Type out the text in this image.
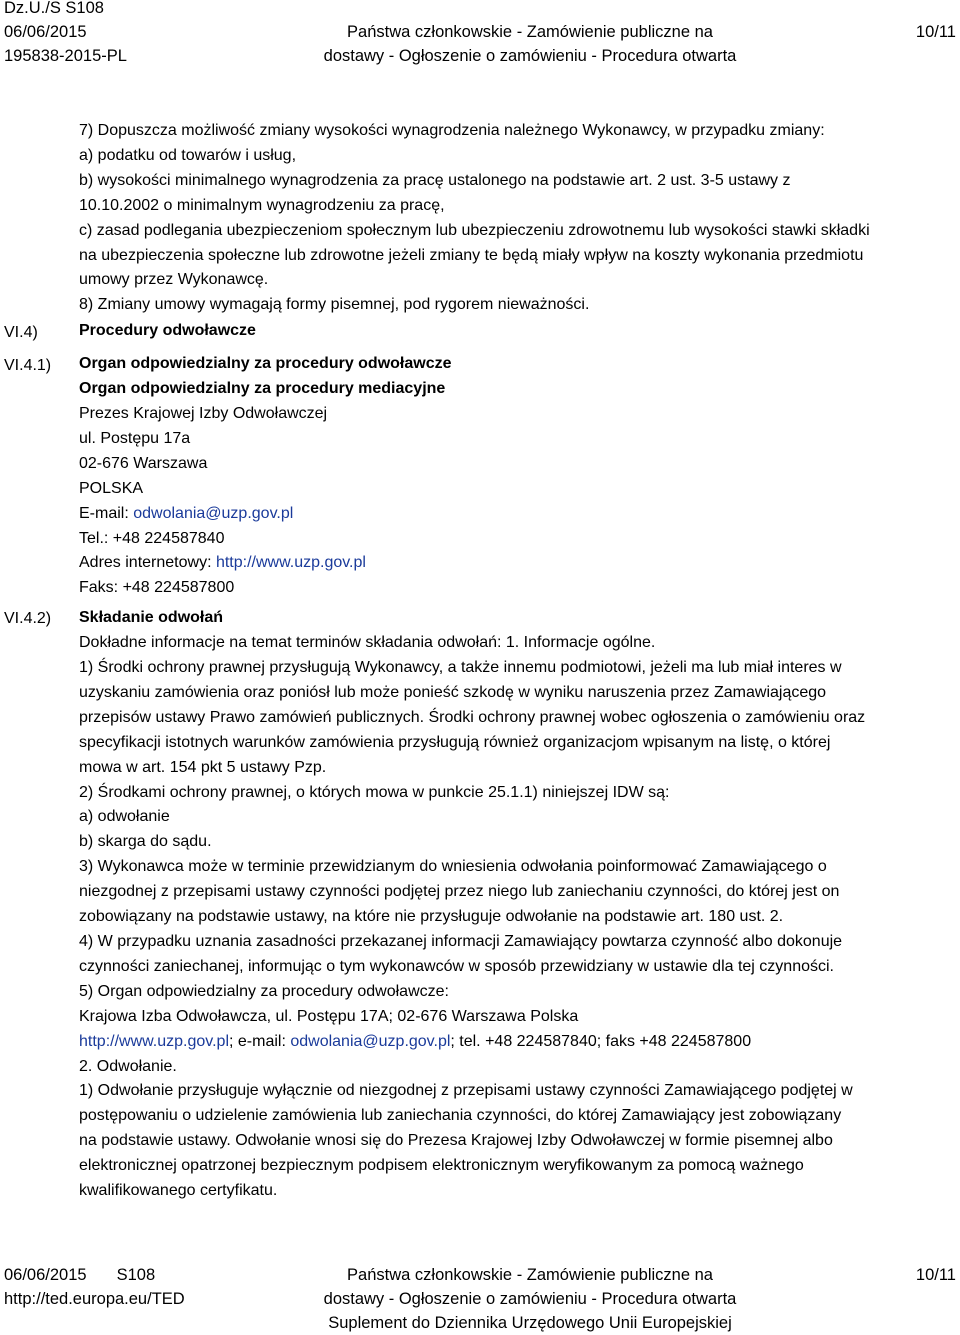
Dz.U./S S108
06/06/2015
195838-2015-PL
Państwa członkowskie - Zamówienie publiczne na
dostawy - Ogłoszenie o zamówieniu - Procedura otwarta
10/11
VI.4)
VI.4.1)
VI.4.2)

7) Dopuszcza możliwość zmiany wysokości wynagrodzenia należnego Wykonawcy, w przypadku zmiany:

a) podatku od towarów i usług,

b) wysokości minimalnego wynagrodzenia za pracę ustalonego na podstawie art. 2 ust. 3-5 ustawy z

10.10.2002 o minimalnym wynagrodzeniu za pracę,

c) zasad podlegania ubezpieczeniom społecznym lub ubezpieczeniu zdrowotnemu lub wysokości stawki składki

na ubezpieczenia społeczne lub zdrowotne jeżeli zmiany te będą miały wpływ na koszty wykonania przedmiotu

umowy przez Wykonawcę.

8) Zmiany umowy wymagają formy pisemnej, pod rygorem nieważności.

Procedury odwoławcze

Organ odpowiedzialny za procedury odwoławcze

Organ odpowiedzialny za procedury mediacyjne

Prezes Krajowej Izby Odwoławczej

ul. Postępu 17a

02-676 Warszawa

POLSKA

E-mail: odwolania@uzp.gov.pl

Tel.: +48 224587840

Adres internetowy: http://www.uzp.gov.pl

Faks: +48 224587800

Składanie odwołań

Dokładne informacje na temat terminów składania odwołań: 1. Informacje ogólne.

1) Środki ochrony prawnej przysługują Wykonawcy, a także innemu podmiotowi, jeżeli ma lub miał interes w

uzyskaniu zamówienia oraz poniósł lub może ponieść szkodę w wyniku naruszenia przez Zamawiającego

przepisów ustawy Prawo zamówień publicznych. Środki ochrony prawnej wobec ogłoszenia o zamówieniu oraz

specyfikacji istotnych warunków zamówienia przysługują również organizacjom wpisanym na listę, o której

mowa w art. 154 pkt 5 ustawy Pzp.

2) Środkami ochrony prawnej, o których mowa w punkcie 25.1.1) niniejszej IDW są:

a) odwołanie

b) skarga do sądu.

3) Wykonawca może w terminie przewidzianym do wniesienia odwołania poinformować Zamawiającego o

niezgodnej z przepisami ustawy czynności podjętej przez niego lub zaniechaniu czynności, do której jest on

zobowiązany na podstawie ustawy, na które nie przysługuje odwołanie na podstawie art. 180 ust. 2.

4) W przypadku uznania zasadności przekazanej informacji Zamawiający powtarza czynność albo dokonuje

czynności zaniechanej, informując o tym wykonawców w sposób przewidziany w ustawie dla tej czynności.

5) Organ odpowiedzialny za procedury odwoławcze:

Krajowa Izba Odwoławcza, ul. Postępu 17A; 02-676 Warszawa Polska

http://www.uzp.gov.pl; e-mail: odwolania@uzp.gov.pl; tel. +48 224587840; faks +48 224587800

2. Odwołanie.

1) Odwołanie przysługuje wyłącznie od niezgodnej z przepisami ustawy czynności Zamawiającego podjętej w

postępowaniu o udzielenie zamówienia lub zaniechania czynności, do której Zamawiający jest zobowiązany

na podstawie ustawy. Odwołanie wnosi się do Prezesa Krajowej Izby Odwoławczej w formie pisemnej albo

elektronicznej opatrzonej bezpiecznym podpisem elektronicznym weryfikowanym za pomocą ważnego

kwalifikowanego certyfikatu.

06/06/2015 S108
http://ted.europa.eu/TED
Państwa członkowskie - Zamówienie publiczne na
dostawy - Ogłoszenie o zamówieniu - Procedura otwarta
Suplement do Dziennika Urzędowego Unii Europejskiej
10/11
